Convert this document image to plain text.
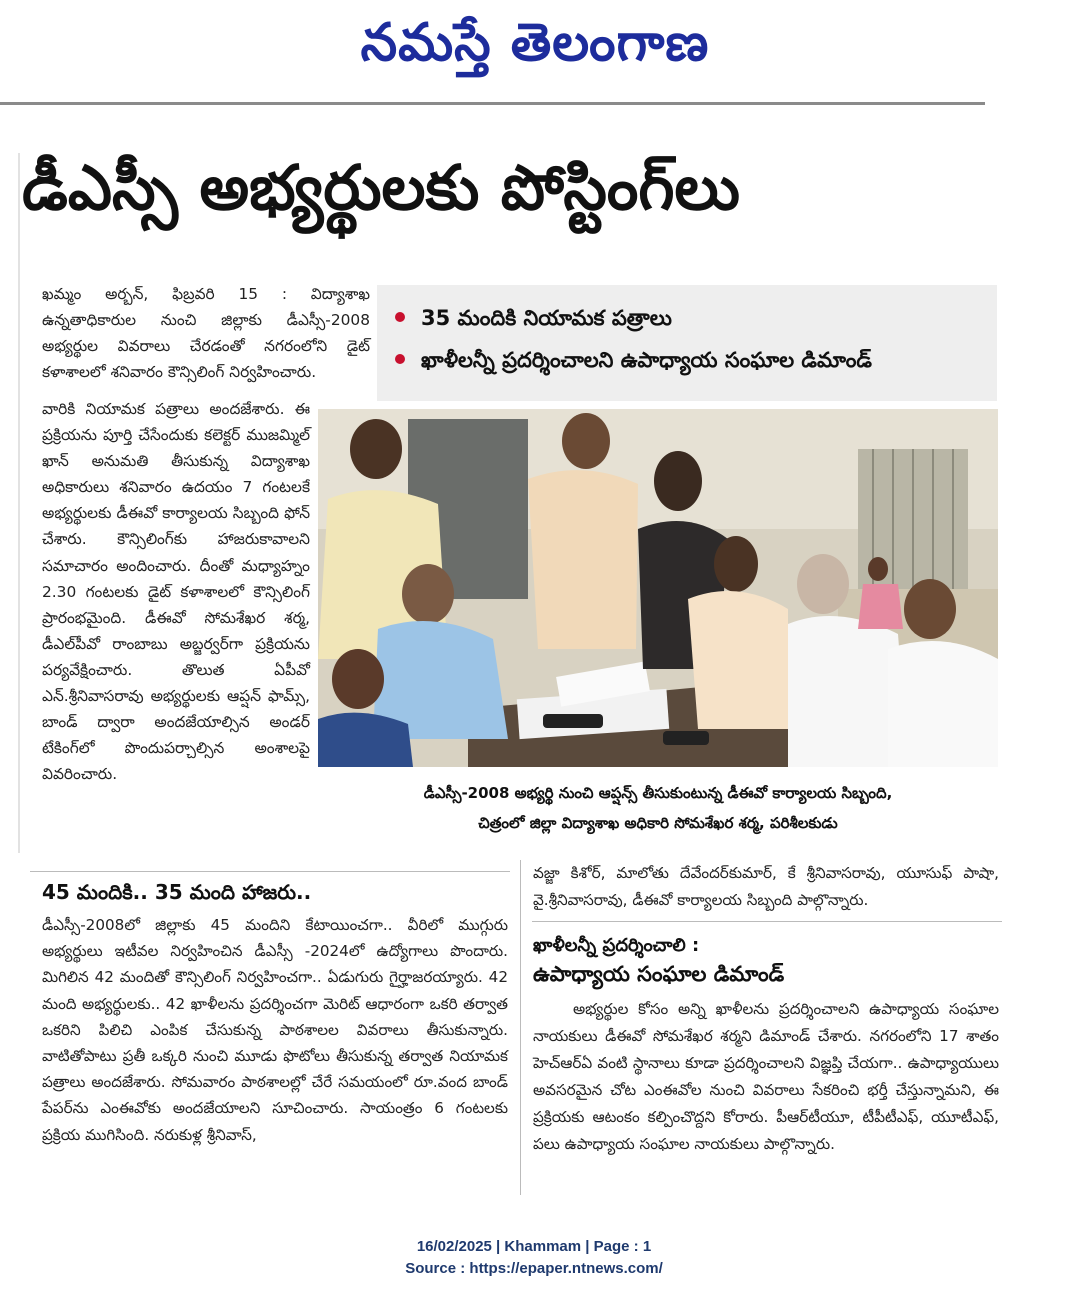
నమస్తే తెలంగాణ
డీఎస్సీ అభ్యర్థులకు పోస్టింగ్‌లు
35 మందికి నియామక పత్రాలు
ఖాళీలన్నీ ప్రదర్శించాలని ఉపాధ్యాయ సంఘాల డిమాండ్

ఖమ్మం అర్బన్, ఫిబ్రవరి 15 : విద్యాశాఖ ఉన్నతాధికారుల నుంచి జిల్లాకు డీఎస్సీ-2008 అభ్యర్థుల వివరాలు చేరడంతో నగరంలోని డైట్ కళాశాలలో శనివారం కౌన్సిలింగ్ నిర్వహించారు.

వారికి నియామక పత్రాలు అందజేశారు. ఈ ప్రక్రియను పూర్తి చేసేందుకు కలెక్టర్ ముజమ్మిల్ ఖాన్ అనుమతి తీసుకున్న విద్యాశాఖ అధికారులు శనివారం ఉదయం 7 గంటలకే అభ్యర్థులకు డీఈవో కార్యాలయ సిబ్బంది ఫోన్ చేశారు. కౌన్సిలింగ్‌కు హాజరుకావాలని సమాచారం అందించారు. దీంతో మధ్యాహ్నం 2.30 గంటలకు డైట్ కళాశాలలో కౌన్సిలింగ్ ప్రారంభమైంది. డీఈవో సోమశేఖర శర్మ, డీఎల్‌పీవో రాంబాబు అబ్జర్వర్‌గా ప్రక్రియను పర్యవేక్షించారు. తొలుత ఏపీవో ఎన్.శ్రీనివాసరావు అభ్యర్థులకు ఆప్షన్ ఫామ్స్, బాండ్ ద్వారా అందజేయాల్సిన అండర్ టేకింగ్‌లో పొందుపర్చాల్సిన అంశాలపై వివరించారు.

డీఎస్సీ-2008 అభ్యర్థి నుంచి ఆప్షన్స్ తీసుకుంటున్న డీఈవో కార్యాలయ సిబ్బంది,
చిత్రంలో జిల్లా విద్యాశాఖ అధికారి సోమశేఖర శర్మ, పరిశీలకుడు
45 మందికి.. 35 మంది హాజరు..

డీఎస్సీ-2008లో జిల్లాకు 45 మందిని కేటాయించగా.. వీరిలో ముగ్గురు అభ్యర్థులు ఇటీవల నిర్వహించిన డీఎస్సీ -2024లో ఉద్యోగాలు పొందారు. మిగిలిన 42 మందితో కౌన్సిలింగ్ నిర్వహించగా.. ఏడుగురు గైర్హాజరయ్యారు. 42 మంది అభ్యర్థులకు.. 42 ఖాళీలను ప్రదర్శించగా మెరిట్ ఆధారంగా ఒకరి తర్వాత ఒకరిని పిలిచి ఎంపిక చేసుకున్న పాఠశాలల వివరాలు తీసుకున్నారు. వాటితోపాటు ప్రతీ ఒక్కరి నుంచి మూడు ఫొటోలు తీసుకున్న తర్వాత నియామక పత్రాలు అందజేశారు. సోమవారం పాఠశాలల్లో చేరే సమయంలో రూ.వంద బాండ్ పేపర్‌ను ఎంఈవోకు అందజేయాలని సూచించారు. సాయంత్రం 6 గంటలకు ప్రక్రియ ముగిసింది. నరుకుళ్ల శ్రీనివాస్,

వజ్జా కిశోర్, మాలోతు దేవేందర్‌కుమార్, కే శ్రీనివాసరావు, యూసుఫ్ పాషా, వై.శ్రీనివాసరావు, డీఈవో కార్యాలయ సిబ్బంది పాల్గొన్నారు.

ఖాళీలన్నీ ప్రదర్శించాలి :
ఉపాధ్యాయ సంఘాల డిమాండ్

అభ్యర్థుల కోసం అన్ని ఖాళీలను ప్రదర్శించాలని ఉపాధ్యాయ సంఘాల నాయకులు డీఈవో సోమశేఖర శర్మని డిమాండ్ చేశారు. నగరంలోని 17 శాతం హెచ్‌ఆర్‌ఏ వంటి స్థానాలు కూడా ప్రదర్శించాలని విజ్ఞప్తి చేయగా.. ఉపాధ్యాయులు అవసరమైన చోట ఎంఈవోల నుంచి వివరాలు సేకరించి భర్తీ చేస్తున్నామని, ఈ ప్రక్రియకు ఆటంకం కల్పించొద్దని కోరారు. పీఆర్‌టీయూ, టీపీటీఎఫ్, యూటీఎఫ్, పలు ఉపాధ్యాయ సంఘాల నాయకులు పాల్గొన్నారు.

16/02/2025 | Khammam | Page : 1
Source : https://epaper.ntnews.com/
